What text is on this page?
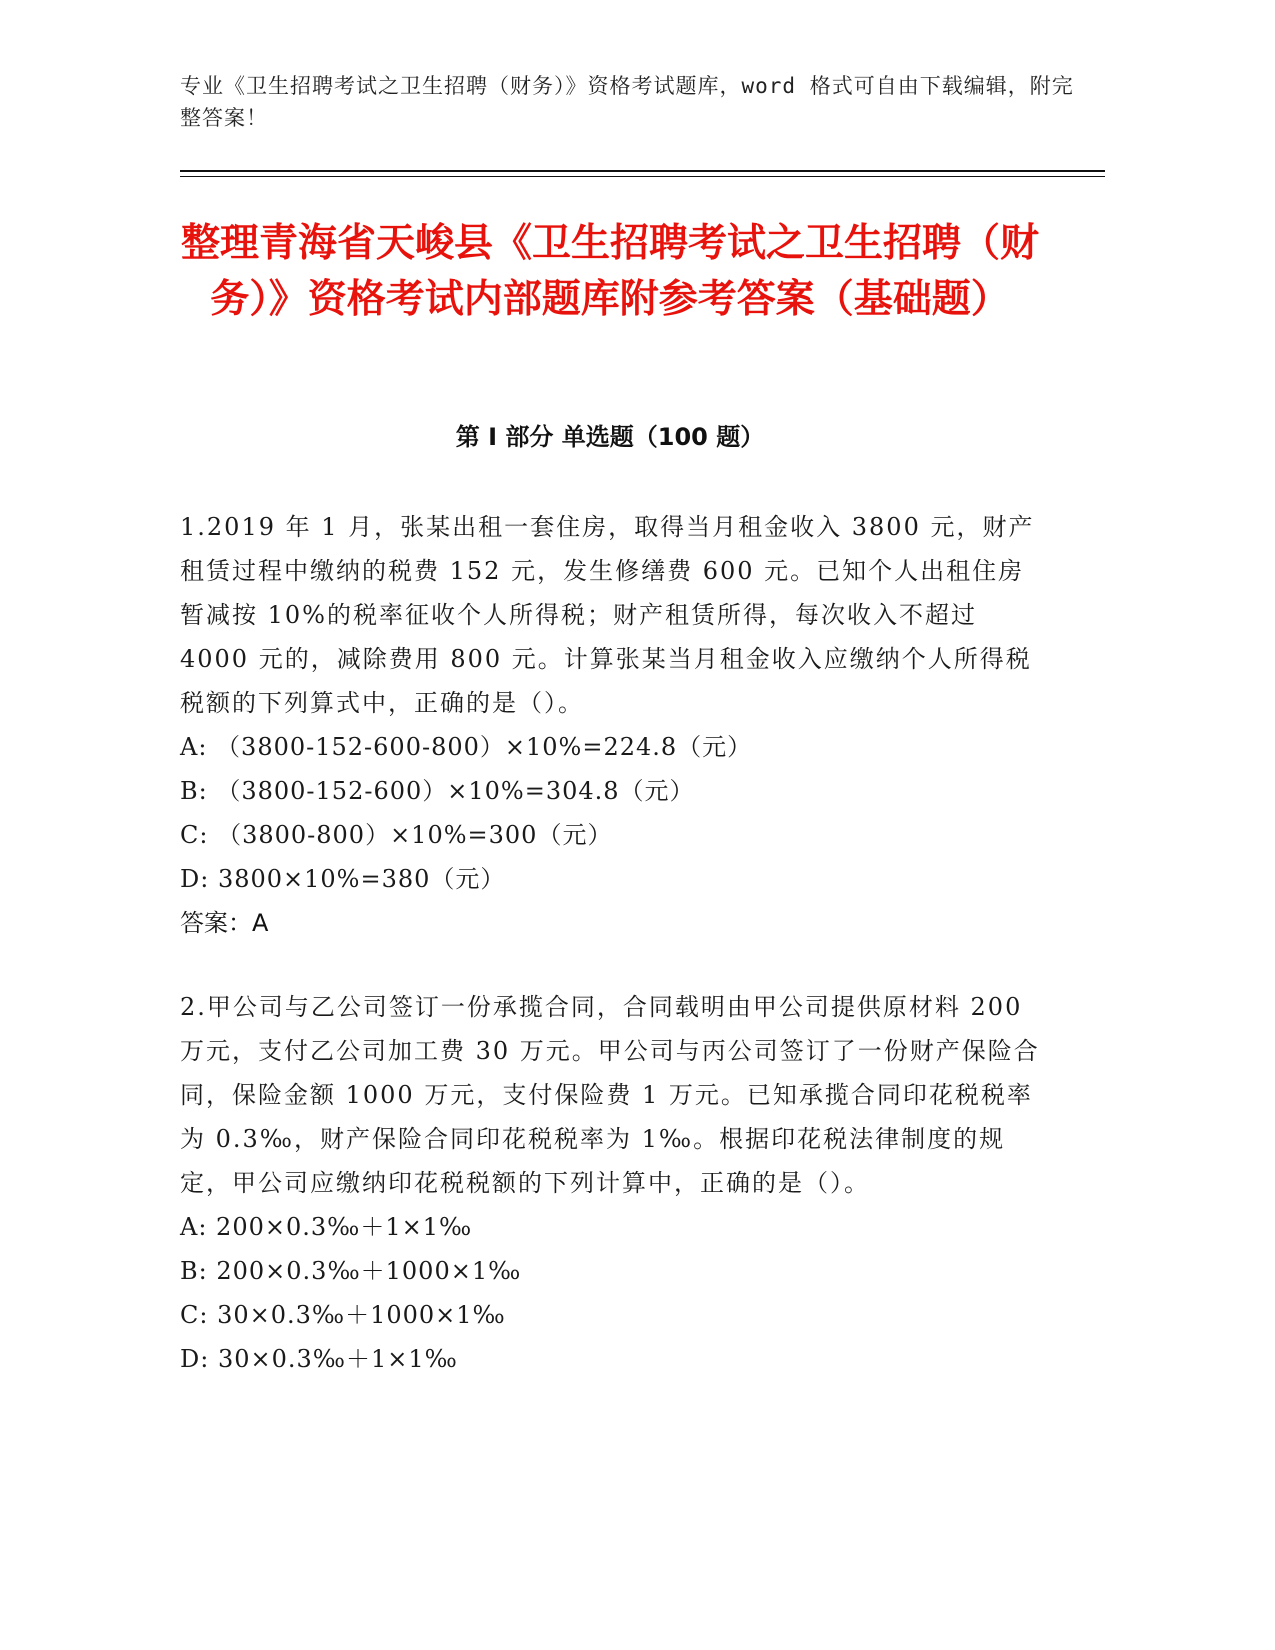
专业《卫生招聘考试之卫生招聘（财务）》资格考试题库，word 格式可自由下载编辑，附完整答案！
整理青海省天峻县《卫生招聘考试之卫生招聘（财务）》资格考试内部题库附参考答案（基础题）
第 I 部分 单选题（100 题）

1.2019 年 1 月，张某出租一套住房，取得当月租金收入 3800 元，财产租赁过程中缴纳的税费 152 元，发生修缮费 600 元。已知个人出租住房暂减按 10%的税率征收个人所得税；财产租赁所得，每次收入不超过 4000 元的，减除费用 800 元。计算张某当月租金收入应缴纳个人所得税税额的下列算式中，正确的是（）。

A: （3800-152-600-800）×10%=224.8（元）

B: （3800-152-600）×10%=304.8（元）

C: （3800-800）×10%=300（元）

D: 3800×10%=380（元）

答案：A

2.甲公司与乙公司签订一份承揽合同，合同载明由甲公司提供原材料 200 万元，支付乙公司加工费 30 万元。甲公司与丙公司签订了一份财产保险合同，保险金额 1000 万元，支付保险费 1 万元。已知承揽合同印花税税率为 0.3‰，财产保险合同印花税税率为 1‰。根据印花税法律制度的规定，甲公司应缴纳印花税税额的下列计算中，正确的是（）。

A: 200×0.3‰＋1×1‰

B: 200×0.3‰＋1000×1‰

C: 30×0.3‰＋1000×1‰

D: 30×0.3‰＋1×1‰
